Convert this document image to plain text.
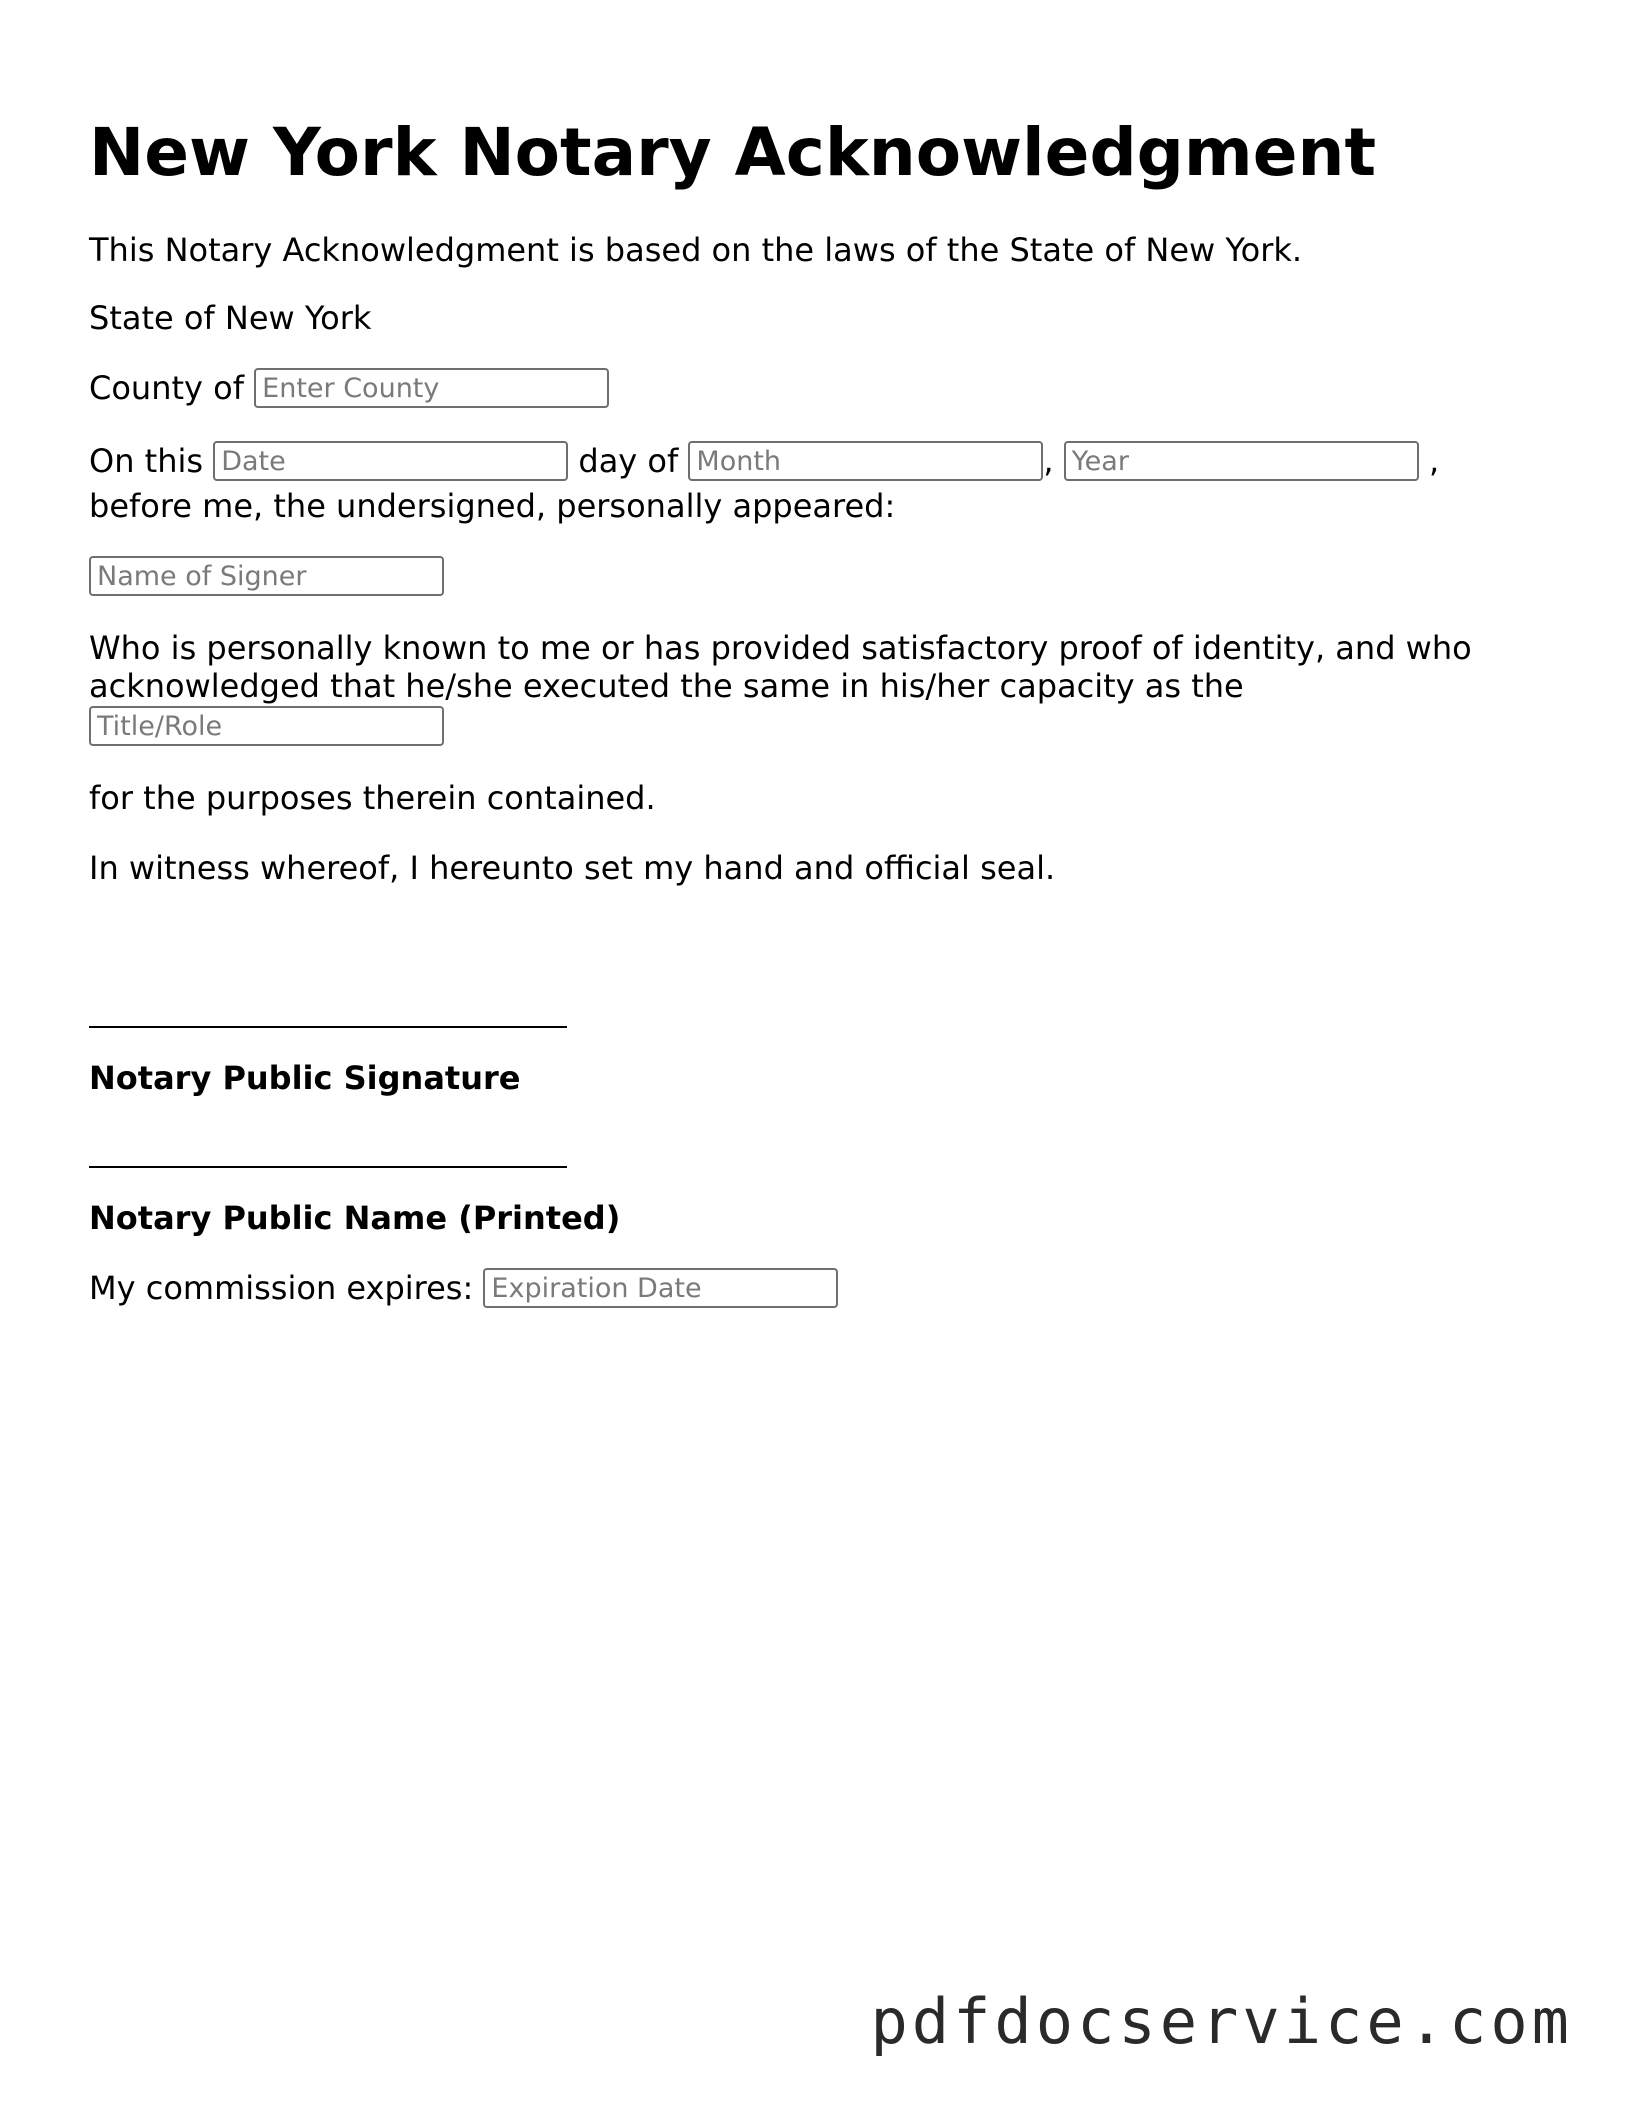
New York Notary Acknowledgment
This Notary Acknowledgment is based on the laws of the State of New York.
State of New York
County of Enter County
On this Date	day of Month	, Year	,
before me, the undersigned, personally appeared:
Name of Signer
Who is personally known to me or has provided satisfactory proof of identity, and who
acknowledged that he/she executed the same in his/her capacity as the
Title/Role
for the purposes therein contained.
In witness whereof, I hereunto set my hand and official seal.
Notary Public Signature
Notary Public Name (Printed)
My commission expires: Expiration Date
pdfdocservice.com
